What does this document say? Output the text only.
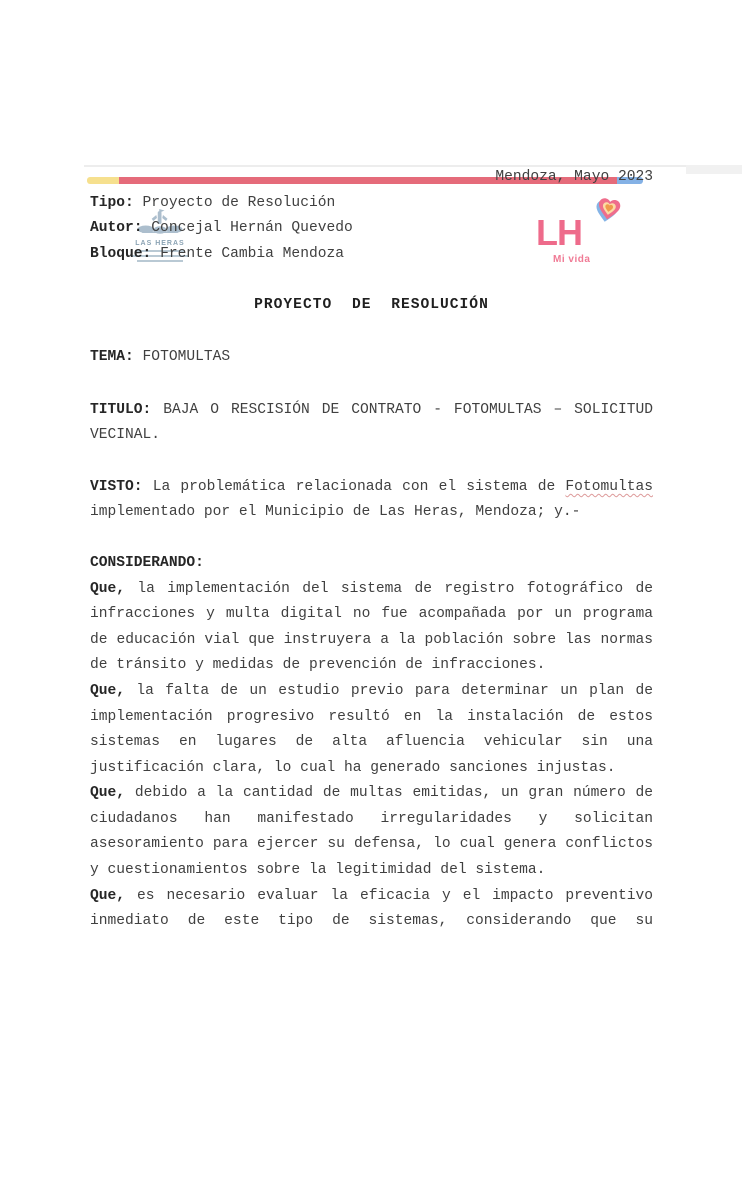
LAS HERAS	LH
Mi vida

Mendoza, Mayo 2023

Tipo: Proyecto de Resolución

Autor: Concejal Hernán Quevedo

Bloque: Frente Cambia Mendoza

PROYECTO DE RESOLUCIÓN

TEMA: FOTOMULTAS

TITULO: BAJA O RESCISIÓN DE CONTRATO - FOTOMULTAS – SOLICITUD VECINAL.

VISTO: La problemática relacionada con el sistema de Fotomultas implementado por el Municipio de Las Heras, Mendoza; y.-

CONSIDERANDO:

Que, la implementación del sistema de registro fotográfico de infracciones y multa digital no fue acompañada por un programa de educación vial que instruyera a la población sobre las normas de tránsito y medidas de prevención de infracciones.

Que, la falta de un estudio previo para determinar un plan de implementación progresivo resultó en la instalación de estos sistemas en lugares de alta afluencia vehicular sin una justificación clara, lo cual ha generado sanciones injustas.

Que, debido a la cantidad de multas emitidas, un gran número de ciudadanos han manifestado irregularidades y solicitan asesoramiento para ejercer su defensa, lo cual genera conflictos y cuestionamientos sobre la legitimidad del sistema.

Que, es necesario evaluar la eficacia y el impacto preventivo inmediato de este tipo de sistemas, considerando que su
